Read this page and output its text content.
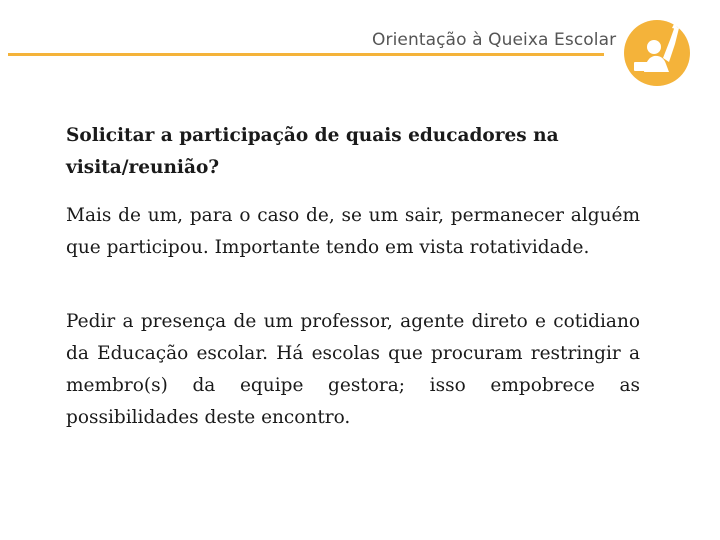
Orientação à Queixa Escolar

Solicitar a participação de quais educadores na visita/reunião?

Mais de um, para o caso de, se um sair, permanecer alguém que participou. Importante tendo em vista rotatividade.

Pedir a presença de um professor, agente direto e cotidiano da Educação escolar. Há escolas que procuram restringir a membro(s) da equipe gestora; isso empobrece as possibilidades deste encontro.
